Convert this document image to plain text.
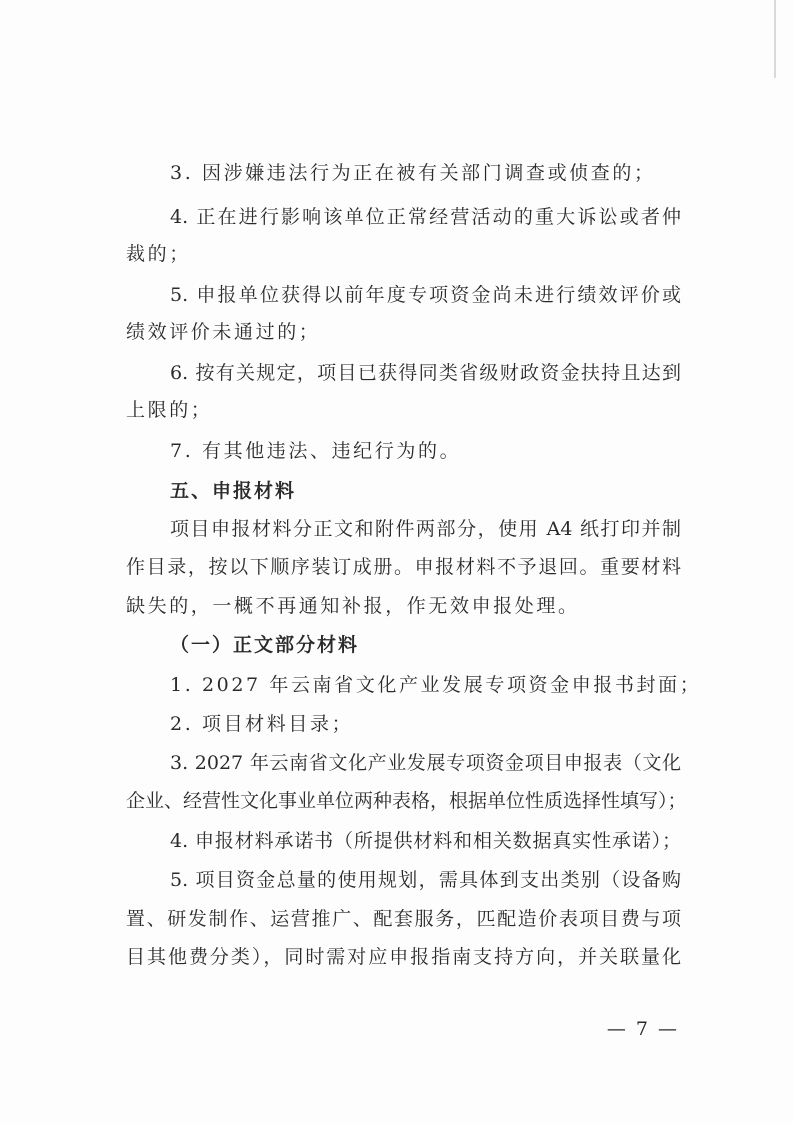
3. 因涉嫌违法行为正在被有关部门调查或侦查的；
4. 正在进行影响该单位正常经营活动的重大诉讼或者仲
裁的；
5. 申报单位获得以前年度专项资金尚未进行绩效评价或
绩效评价未通过的；
6. 按有关规定，项目已获得同类省级财政资金扶持且达到
上限的；
7. 有其他违法、违纪行为的。
五、申报材料
项目申报材料分正文和附件两部分，使用 A4 纸打印并制
作目录，按以下顺序装订成册。申报材料不予退回。重要材料
缺失的，一概不再通知补报，作无效申报处理。
（一）正文部分材料
1. 2027 年云南省文化产业发展专项资金申报书封面；
2. 项目材料目录；
3. 2027 年云南省文化产业发展专项资金项目申报表（文化
企业、经营性文化事业单位两种表格，根据单位性质选择性填写）；
4. 申报材料承诺书（所提供材料和相关数据真实性承诺）；
5. 项目资金总量的使用规划，需具体到支出类别（设备购
置、研发制作、运营推广、配套服务，匹配造价表项目费与项
目其他费分类），同时需对应申报指南支持方向，并关联量化
— 7 —
